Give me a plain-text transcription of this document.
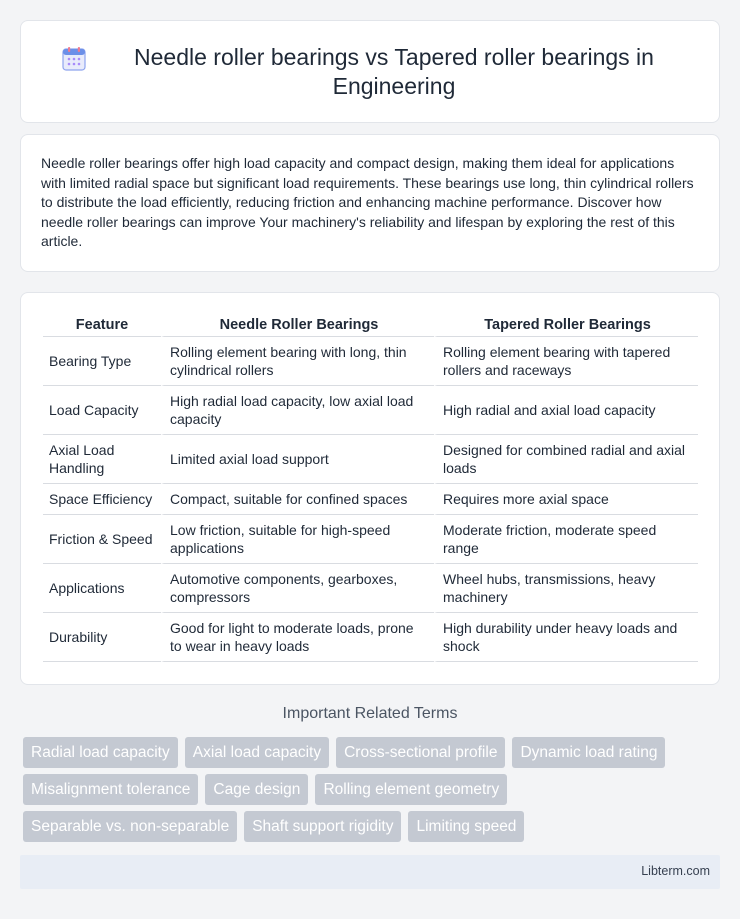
Needle roller bearings vs Tapered roller bearings in Engineering

Needle roller bearings offer high load capacity and compact design, making them ideal for applications with limited radial space but significant load requirements. These bearings use long, thin cylindrical rollers to distribute the load efficiently, reducing friction and enhancing machine performance. Discover how needle roller bearings can improve Your machinery's reliability and lifespan by exploring the rest of this article.

Feature	Needle Roller Bearings	Tapered Roller Bearings
Bearing Type	Rolling element bearing with long, thin cylindrical rollers	Rolling element bearing with tapered rollers and raceways
Load Capacity	High radial load capacity, low axial load capacity	High radial and axial load capacity
Axial Load Handling	Limited axial load support	Designed for combined radial and axial loads
Space Efficiency	Compact, suitable for confined spaces	Requires more axial space
Friction & Speed	Low friction, suitable for high-speed applications	Moderate friction, moderate speed range
Applications	Automotive components, gearboxes, compressors	Wheel hubs, transmissions, heavy machinery
Durability	Good for light to moderate loads, prone to wear in heavy loads	High durability under heavy loads and shock
Important Related Terms
Radial load capacity	Axial load capacity	Cross-sectional profile	Dynamic load rating
Misalignment tolerance	Cage design	Rolling element geometry
Separable vs. non-separable	Shaft support rigidity	Limiting speed
Libterm.com
